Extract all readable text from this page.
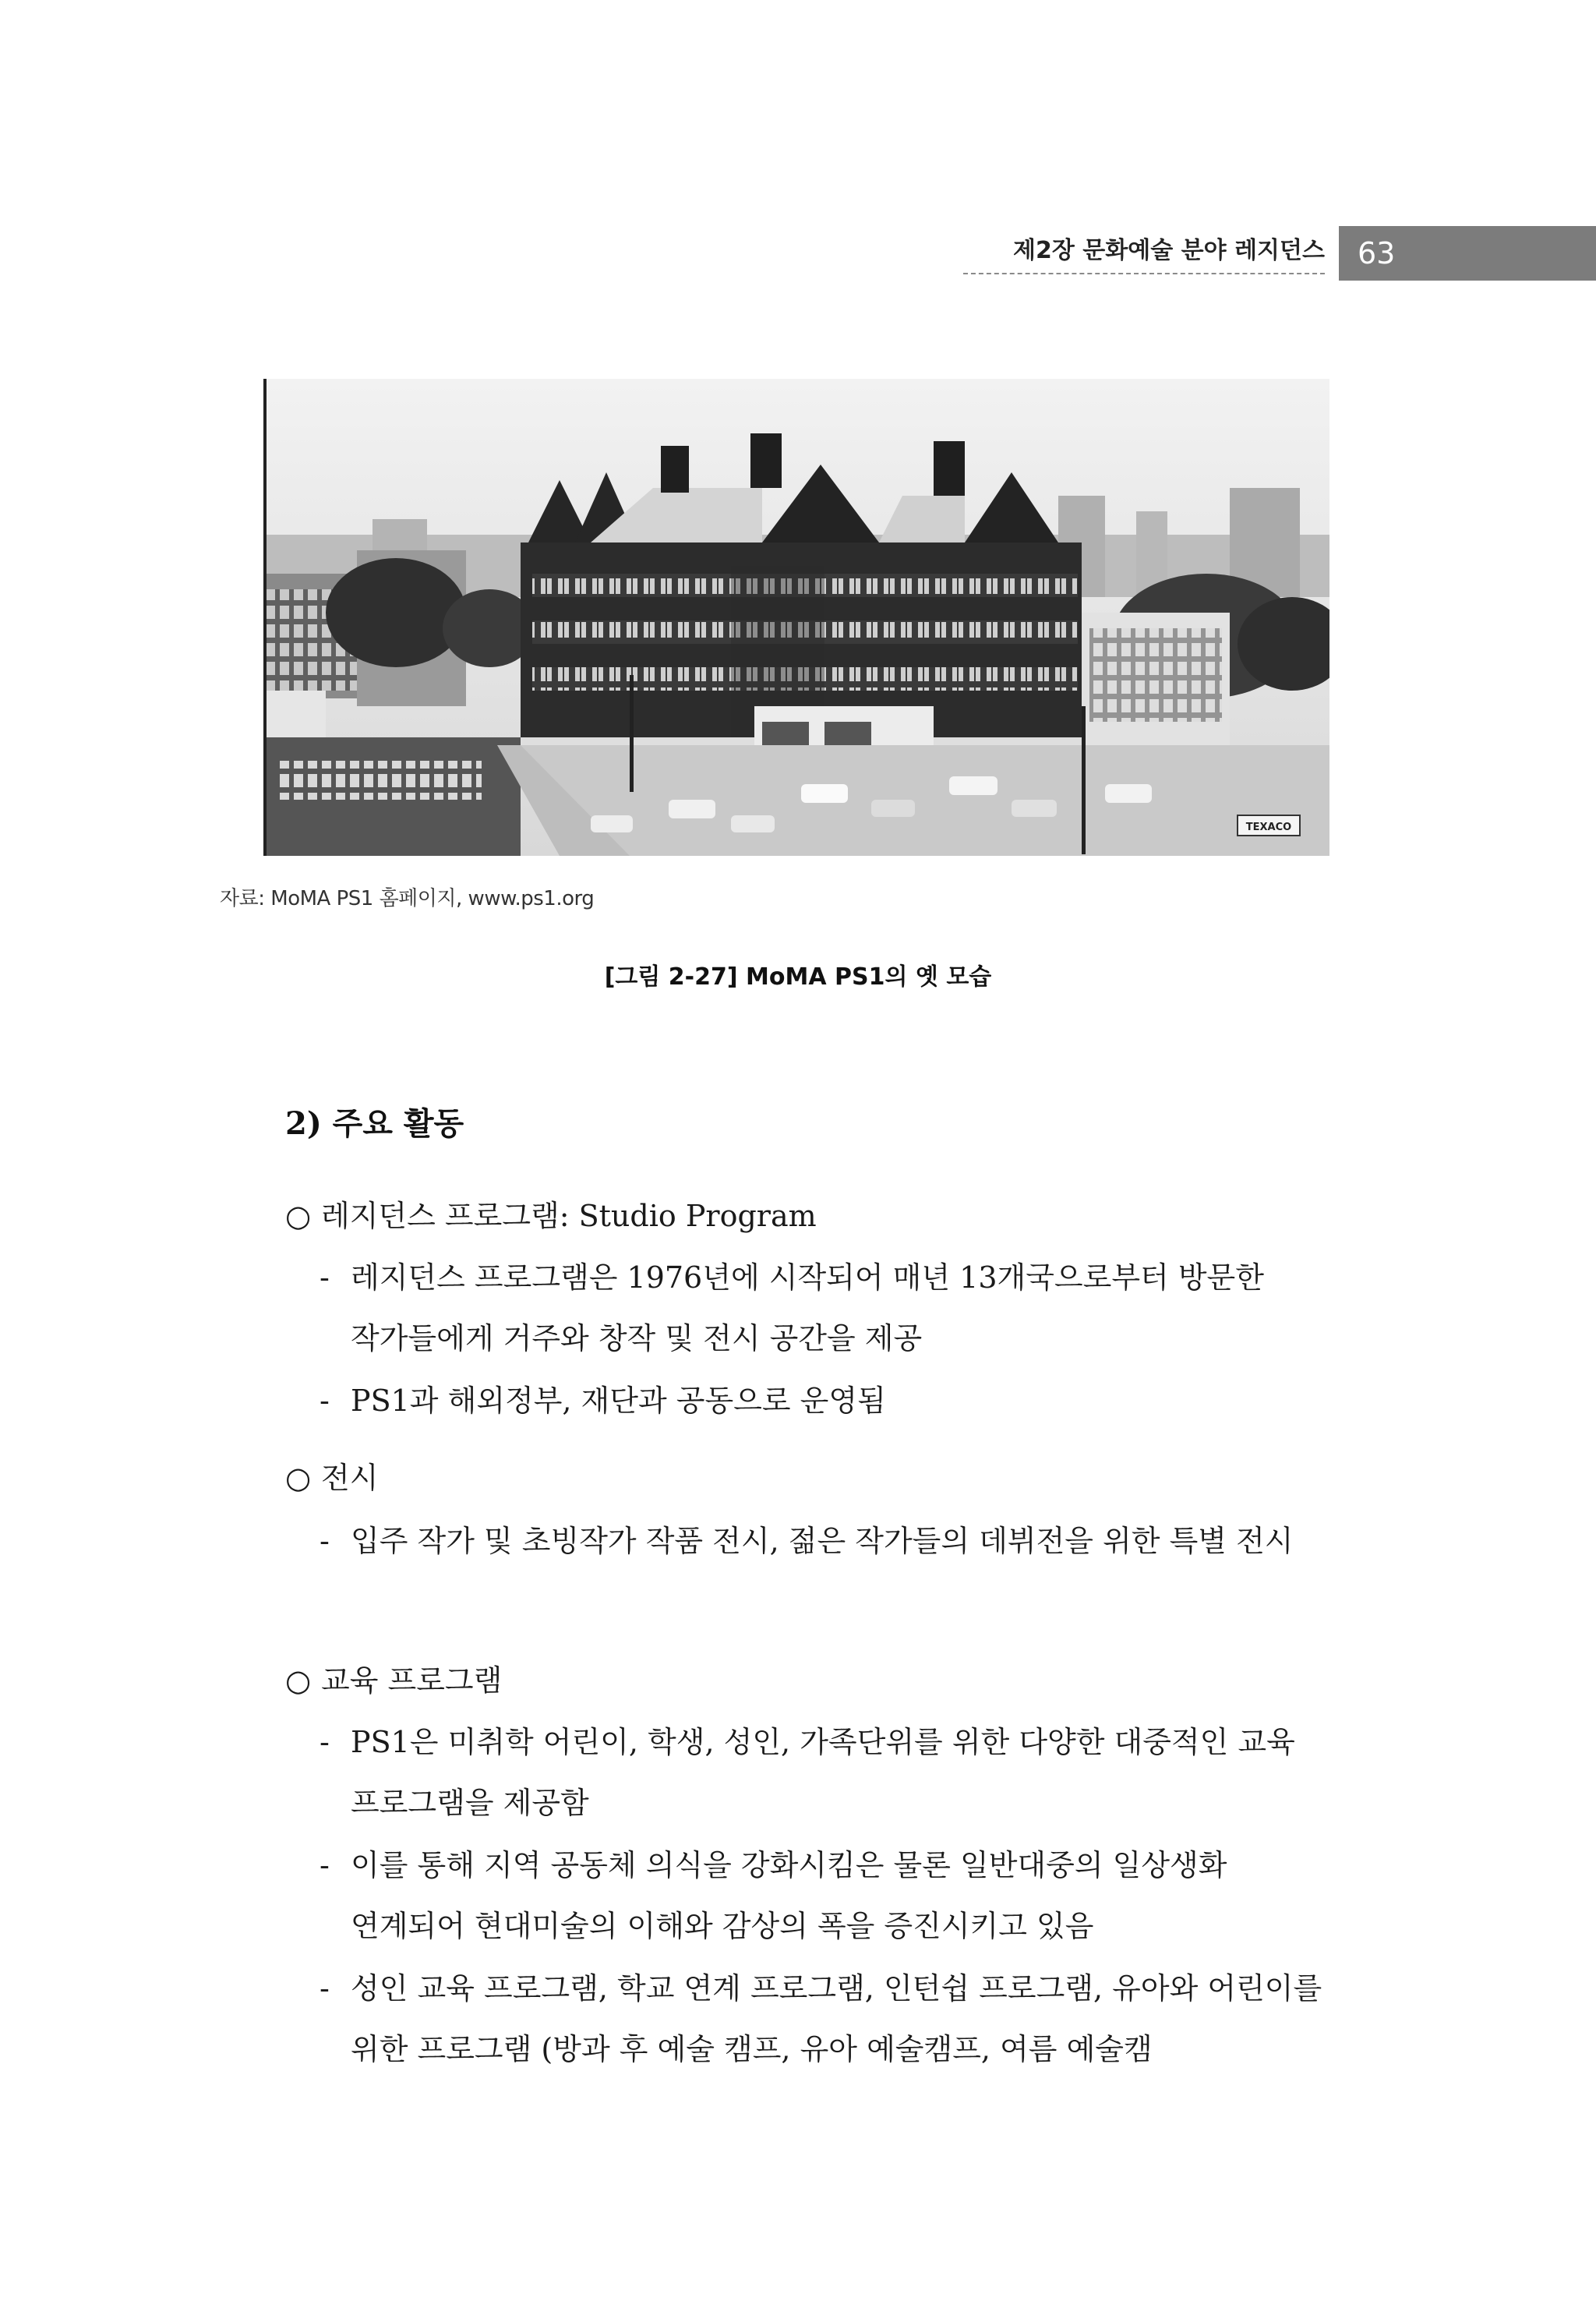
제2장 문화예술 분야 레지던스	63
TEXACO
자료: MoMA PS1 홈페이지, www.ps1.org
[그림 2-27] MoMA PS1의 옛 모습
2) 주요 활동
○ 레지던스 프로그램: Studio Program
- 레지던스 프로그램은 1976년에 시작되어 매년 13개국으로부터 방문한 작가들에게 거주와 창작 및 전시 공간을 제공
- PS1과 해외정부, 재단과 공동으로 운영됨
○ 전시
- 입주 작가 및 초빙작가 작품 전시, 젊은 작가들의 데뷔전을 위한 특별 전시
○ 교육 프로그램
- PS1은 미취학 어린이, 학생, 성인, 가족단위를 위한 다양한 대중적인 교육 프로그램을 제공함
- 이를 통해 지역 공동체 의식을 강화시킴은 물론 일반대중의 일상생화 연계되어 현대미술의 이해와 감상의 폭을 증진시키고 있음
- 성인 교육 프로그램, 학교 연계 프로그램, 인턴쉽 프로그램, 유아와 어린이를 위한 프로그램 (방과 후 예술 캠프, 유아 예술캠프, 여름 예술캠
